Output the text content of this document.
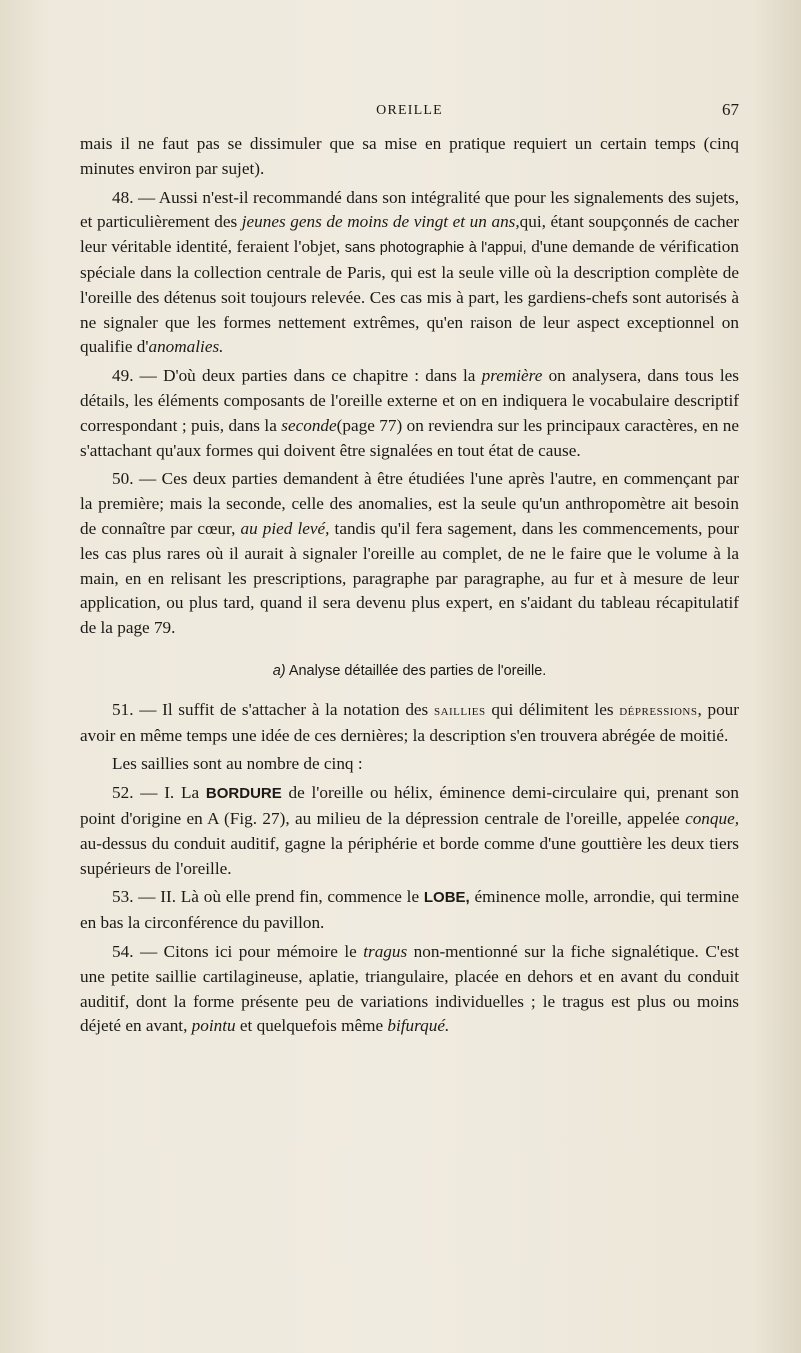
OREILLE	67

mais il ne faut pas se dissimuler que sa mise en pratique requiert un certain temps (cinq minutes environ par sujet).

48. — Aussi n'est-il recommandé dans son intégralité que pour les signalements des sujets, et particulièrement des jeunes gens de moins de vingt et un ans,qui, étant soupçonnés de cacher leur véritable identité, feraient l'objet, sans photographie à l'appui, d'une demande de vérification spéciale dans la collection centrale de Paris, qui est la seule ville où la description complète de l'oreille des détenus soit toujours relevée. Ces cas mis à part, les gardiens-chefs sont autorisés à ne signaler que les formes nettement extrêmes, qu'en raison de leur aspect exceptionnel on qualifie d'anomalies.

49. — D'où deux parties dans ce chapitre : dans la première on analysera, dans tous les détails, les éléments composants de l'oreille externe et on en indiquera le vocabulaire descriptif correspondant ; puis, dans la seconde(page 77) on reviendra sur les principaux caractères, en ne s'attachant qu'aux formes qui doivent être signalées en tout état de cause.

50. — Ces deux parties demandent à être étudiées l'une après l'autre, en commençant par la première; mais la seconde, celle des anomalies, est la seule qu'un anthropomètre ait besoin de connaître par cœur, au pied levé, tandis qu'il fera sagement, dans les commencements, pour les cas plus rares où il aurait à signaler l'oreille au complet, de ne le faire que le volume à la main, en en relisant les prescriptions, paragraphe par paragraphe, au fur et à mesure de leur application, ou plus tard, quand il sera devenu plus expert, en s'aidant du tableau récapitulatif de la page 79.

a) Analyse détaillée des parties de l'oreille.

51. — Il suffit de s'attacher à la notation des saillies qui délimitent les dépressions, pour avoir en même temps une idée de ces dernières; la description s'en trouvera abrégée de moitié.

Les saillies sont au nombre de cinq :

52. — I. La BORDURE de l'oreille ou hélix, éminence demi-circulaire qui, prenant son point d'origine en A (Fig. 27), au milieu de la dépression centrale de l'oreille, appelée conque, au-dessus du conduit auditif, gagne la périphérie et borde comme d'une gouttière les deux tiers supérieurs de l'oreille.

53. — II. Là où elle prend fin, commence le LOBE, éminence molle, arrondie, qui termine en bas la circonférence du pavillon.

54. — Citons ici pour mémoire le tragus non-mentionné sur la fiche signalétique. C'est une petite saillie cartilagineuse, aplatie, triangulaire, placée en dehors et en avant du conduit auditif, dont la forme présente peu de variations individuelles ; le tragus est plus ou moins déjeté en avant, pointu et quelquefois même bifurqué.
